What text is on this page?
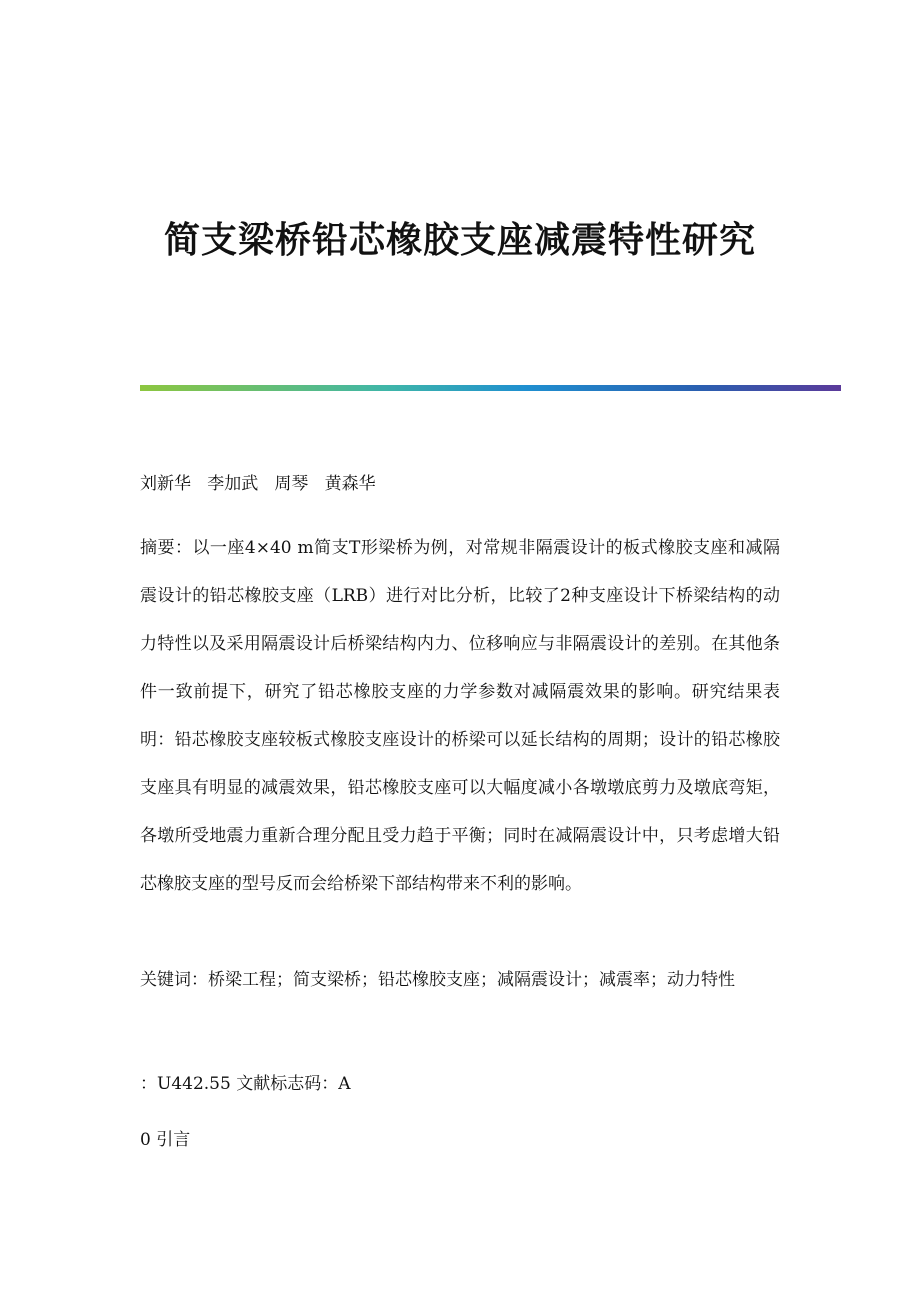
简支梁桥铅芯橡胶支座减震特性研究
刘新华   李加武   周琴   黄森华
摘要：以一座4×40 m简支T形梁桥为例，对常规非隔震设计的板式橡胶支座和减隔震设计的铅芯橡胶支座（LRB）进行对比分析，比较了2种支座设计下桥梁结构的动力特性以及采用隔震设计后桥梁结构内力、位移响应与非隔震设计的差别。在其他条件一致前提下，研究了铅芯橡胶支座的力学参数对减隔震效果的影响。研究结果表明：铅芯橡胶支座较板式橡胶支座设计的桥梁可以延长结构的周期；设计的铅芯橡胶支座具有明显的减震效果，铅芯橡胶支座可以大幅度减小各墩墩底剪力及墩底弯矩，各墩所受地震力重新合理分配且受力趋于平衡；同时在减隔震设计中，只考虑增大铅芯橡胶支座的型号反而会给桥梁下部结构带来不利的影响。
关键词：桥梁工程；简支梁桥；铅芯橡胶支座；减隔震设计；减震率；动力特性
：U442.55 文献标志码：A
0 引言
